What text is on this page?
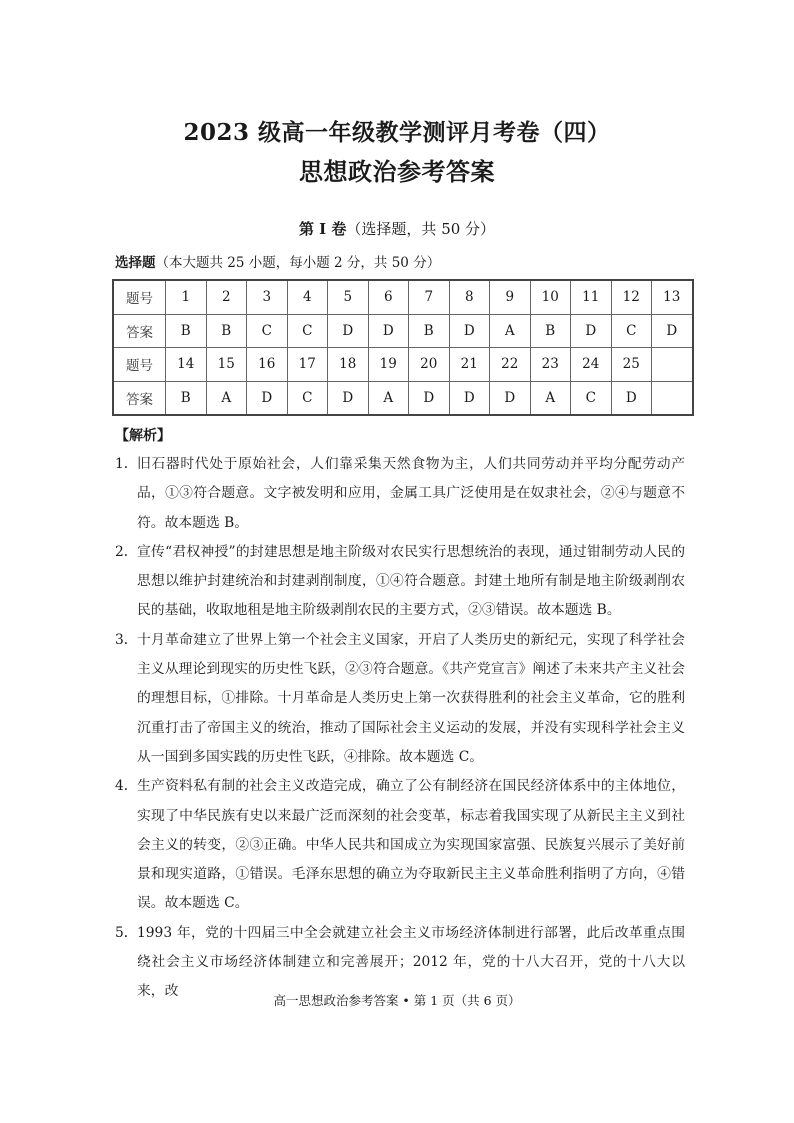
2023 级高一年级教学测评月考卷（四）
思想政治参考答案
第 I 卷（选择题，共 50 分）
选择题（本大题共 25 小题，每小题 2 分，共 50 分）
题号	1	2	3	4	5	6	7	8	9	10	11	12	13
答案	B	B	C	C	D	D	B	D	A	B	D	C	D
题号	14	15	16	17	18	19	20	21	22	23	24	25	
答案	B	A	D	C	D	A	D	D	D	A	C	D	
【解析】
1． 旧石器时代处于原始社会，人们靠采集天然食物为主，人们共同劳动并平均分配劳动产品，①③符合题意。文字被发明和应用，金属工具广泛使用是在奴隶社会，②④与题意不符。故本题选 B。
2． 宣传“君权神授”的封建思想是地主阶级对农民实行思想统治的表现，通过钳制劳动人民的思想以维护封建统治和封建剥削制度，①④符合题意。封建土地所有制是地主阶级剥削农民的基础，收取地租是地主阶级剥削农民的主要方式，②③错误。故本题选 B。
3． 十月革命建立了世界上第一个社会主义国家，开启了人类历史的新纪元，实现了科学社会主义从理论到现实的历史性飞跃，②③符合题意。《共产党宣言》阐述了未来共产主义社会的理想目标，①排除。十月革命是人类历史上第一次获得胜利的社会主义革命，它的胜利沉重打击了帝国主义的统治，推动了国际社会主义运动的发展，并没有实现科学社会主义从一国到多国实践的历史性飞跃，④排除。故本题选 C。
4． 生产资料私有制的社会主义改造完成，确立了公有制经济在国民经济体系中的主体地位，实现了中华民族有史以来最广泛而深刻的社会变革，标志着我国实现了从新民主主义到社会主义的转变，②③正确。中华人民共和国成立为实现国家富强、民族复兴展示了美好前景和现实道路，①错误。毛泽东思想的确立为夺取新民主主义革命胜利指明了方向，④错误。故本题选 C。
5． 1993 年，党的十四届三中全会就建立社会主义市场经济体制进行部署，此后改革重点围绕社会主义市场经济体制建立和完善展开；2012 年，党的十八大召开，党的十八大以来，改
高一思想政治参考答案 • 第 1 页（共 6 页）
